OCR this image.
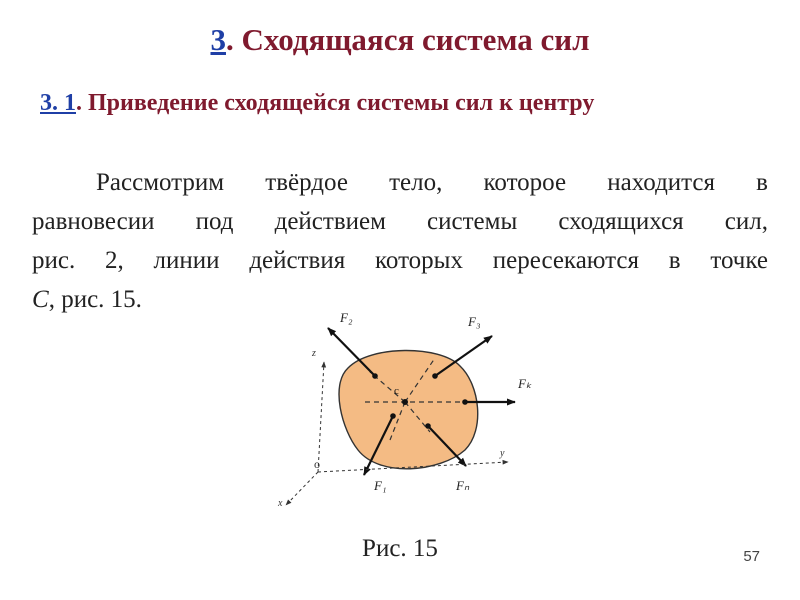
3. Сходящаяся система сил
3. 1. Приведение сходящейся системы сил к центру
Рассмотрим твёрдое тело, которое находится в
равновесии под действием системы сходящихся сил,
рис. 2, линии действия которых пересекаются в точке
C, рис. 15.
c
F₂	F₃
Fₖ
Fₙ
F₁
o
z
y
x
Рис. 15	57
